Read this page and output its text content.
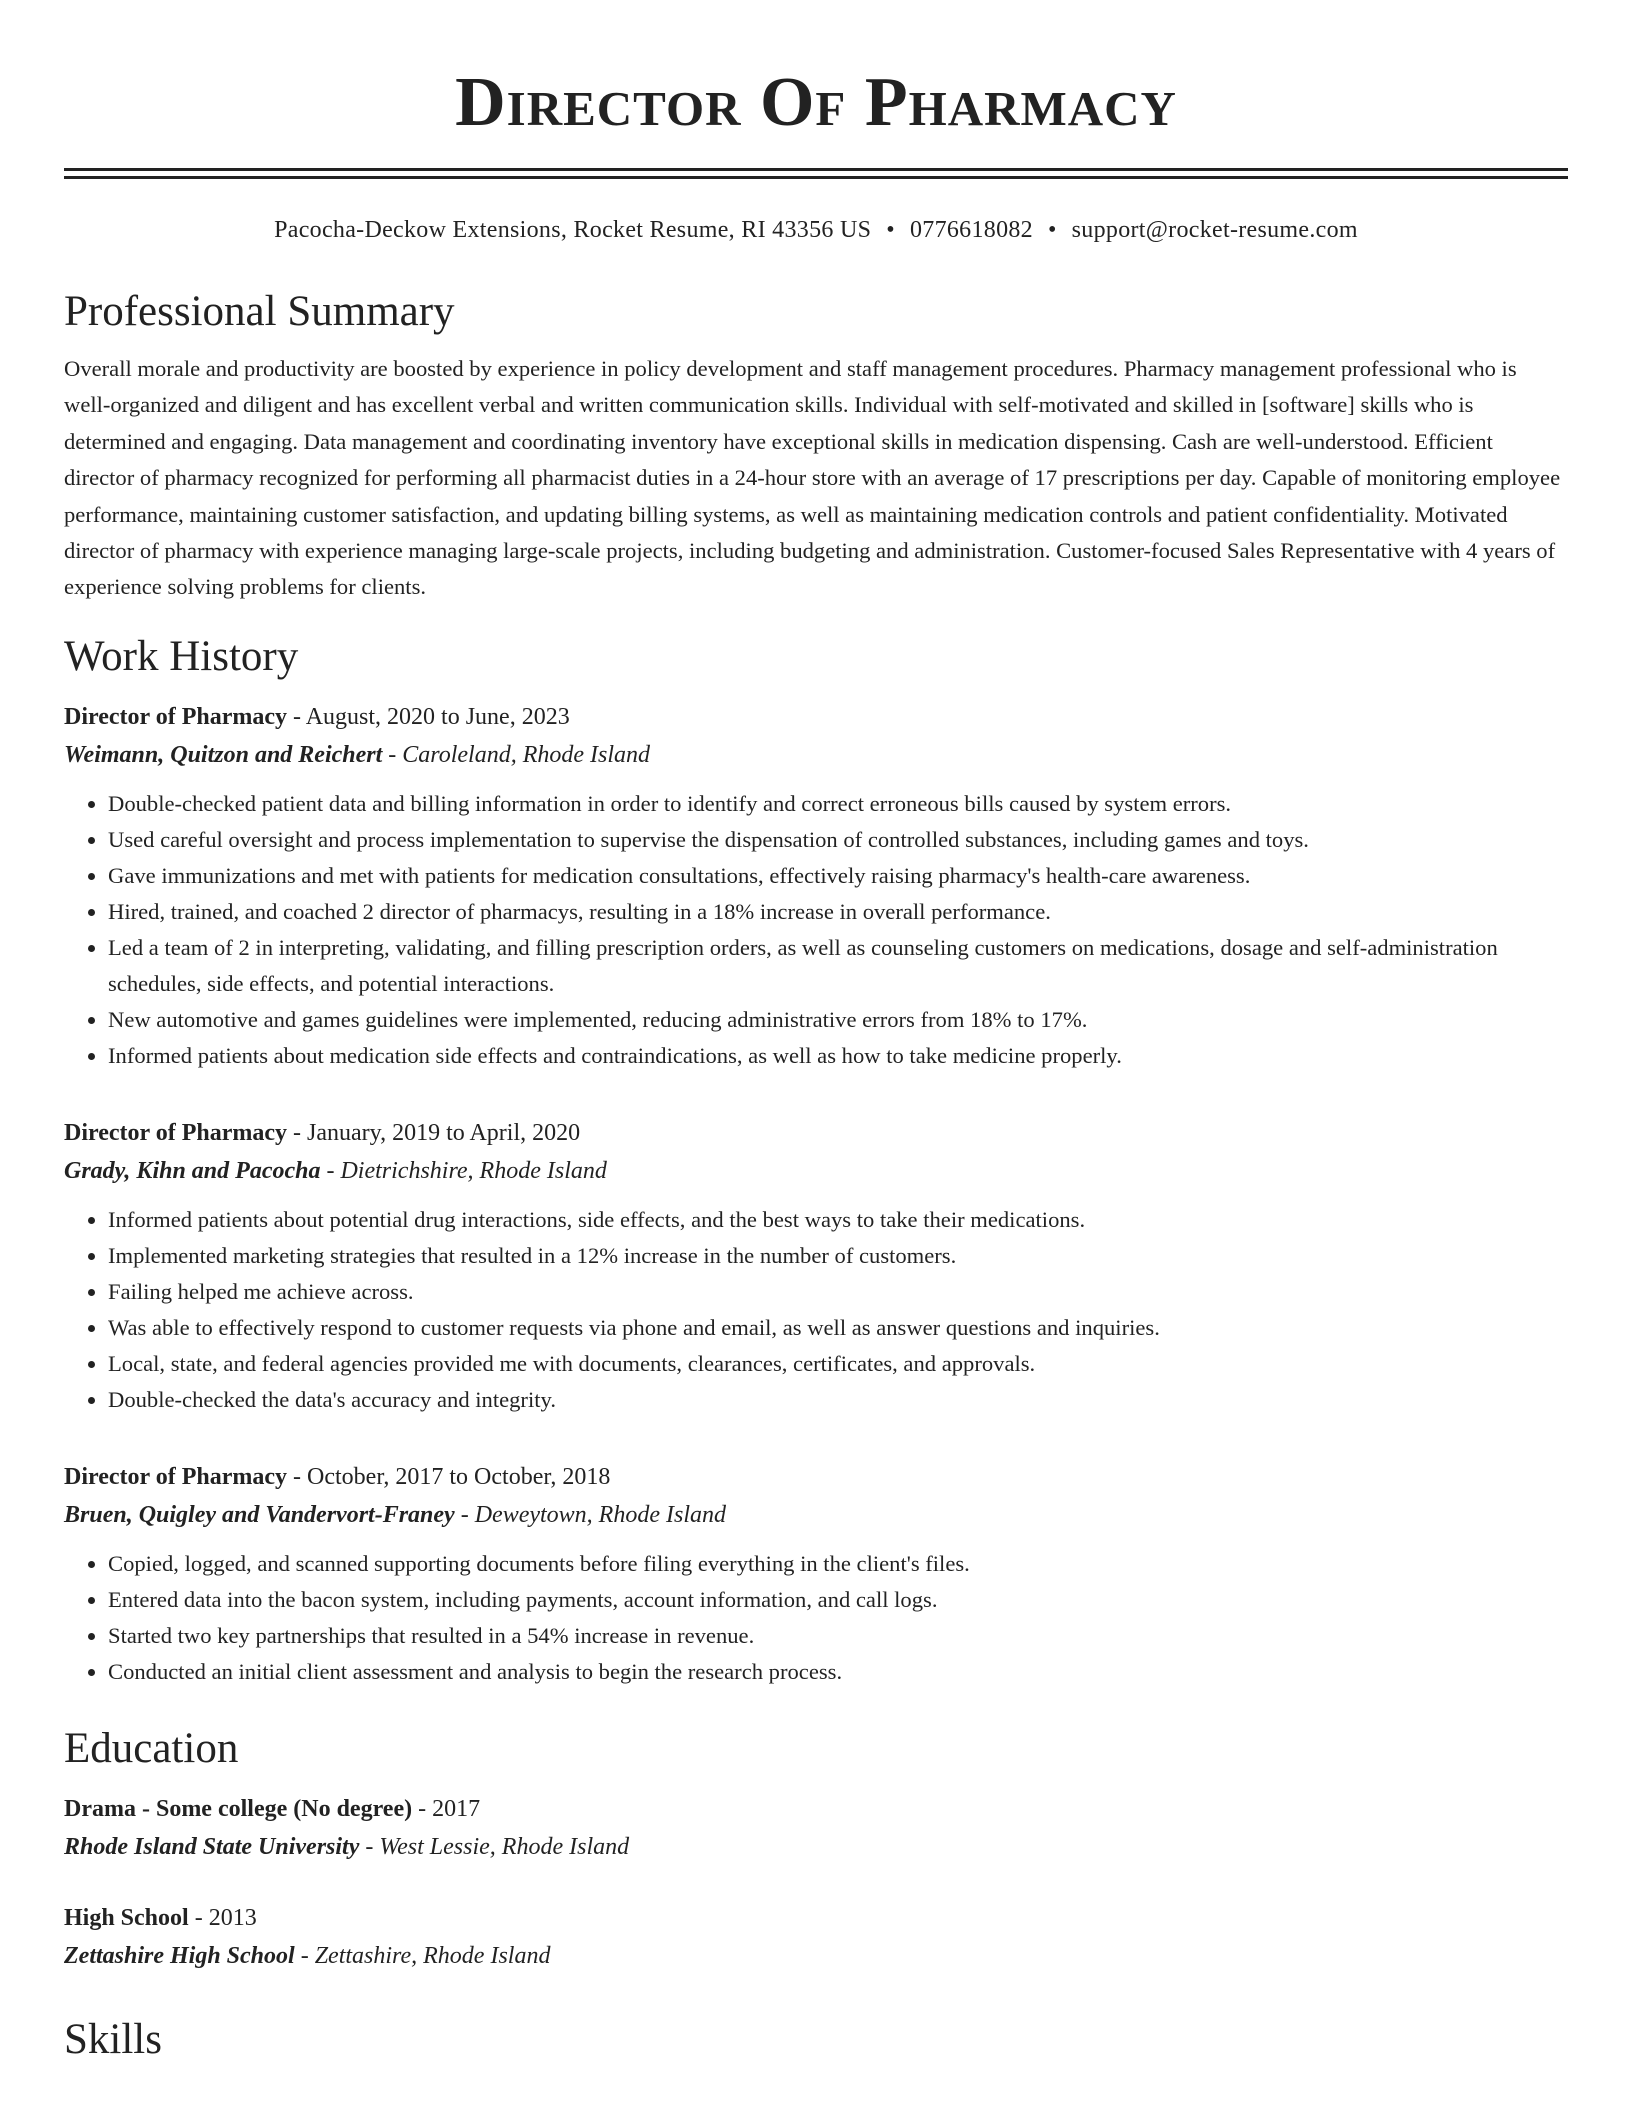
Director Of Pharmacy
Pacocha-Deckow Extensions, Rocket Resume, RI 43356 US • 0776618082 • support@rocket-resume.com
Professional Summary
Overall morale and productivity are boosted by experience in policy development and staff management procedures. Pharmacy management professional who is well-organized and diligent and has excellent verbal and written communication skills. Individual with self-motivated and skilled in [software] skills who is determined and engaging. Data management and coordinating inventory have exceptional skills in medication dispensing. Cash are well-understood. Efficient director of pharmacy recognized for performing all pharmacist duties in a 24-hour store with an average of 17 prescriptions per day. Capable of monitoring employee performance, maintaining customer satisfaction, and updating billing systems, as well as maintaining medication controls and patient confidentiality. Motivated director of pharmacy with experience managing large-scale projects, including budgeting and administration. Customer-focused Sales Representative with 4 years of experience solving problems for clients.
Work History
Director of Pharmacy - August, 2020 to June, 2023
Weimann, Quitzon and Reichert - Caroleland, Rhode Island
• Double-checked patient data and billing information in order to identify and correct erroneous bills caused by system errors.
• Used careful oversight and process implementation to supervise the dispensation of controlled substances, including games and toys.
• Gave immunizations and met with patients for medication consultations, effectively raising pharmacy's health-care awareness.
• Hired, trained, and coached 2 director of pharmacys, resulting in a 18% increase in overall performance.
• Led a team of 2 in interpreting, validating, and filling prescription orders, as well as counseling customers on medications, dosage and self-administration schedules, side effects, and potential interactions.
• New automotive and games guidelines were implemented, reducing administrative errors from 18% to 17%.
• Informed patients about medication side effects and contraindications, as well as how to take medicine properly.
Director of Pharmacy - January, 2019 to April, 2020
Grady, Kihn and Pacocha - Dietrichshire, Rhode Island
• Informed patients about potential drug interactions, side effects, and the best ways to take their medications.
• Implemented marketing strategies that resulted in a 12% increase in the number of customers.
• Failing helped me achieve across.
• Was able to effectively respond to customer requests via phone and email, as well as answer questions and inquiries.
• Local, state, and federal agencies provided me with documents, clearances, certificates, and approvals.
• Double-checked the data's accuracy and integrity.
Director of Pharmacy - October, 2017 to October, 2018
Bruen, Quigley and Vandervort-Franey - Deweytown, Rhode Island
• Copied, logged, and scanned supporting documents before filing everything in the client's files.
• Entered data into the bacon system, including payments, account information, and call logs.
• Started two key partnerships that resulted in a 54% increase in revenue.
• Conducted an initial client assessment and analysis to begin the research process.
Education
Drama - Some college (No degree) - 2017
Rhode Island State University - West Lessie, Rhode Island
High School - 2013
Zettashire High School - Zettashire, Rhode Island
Skills
